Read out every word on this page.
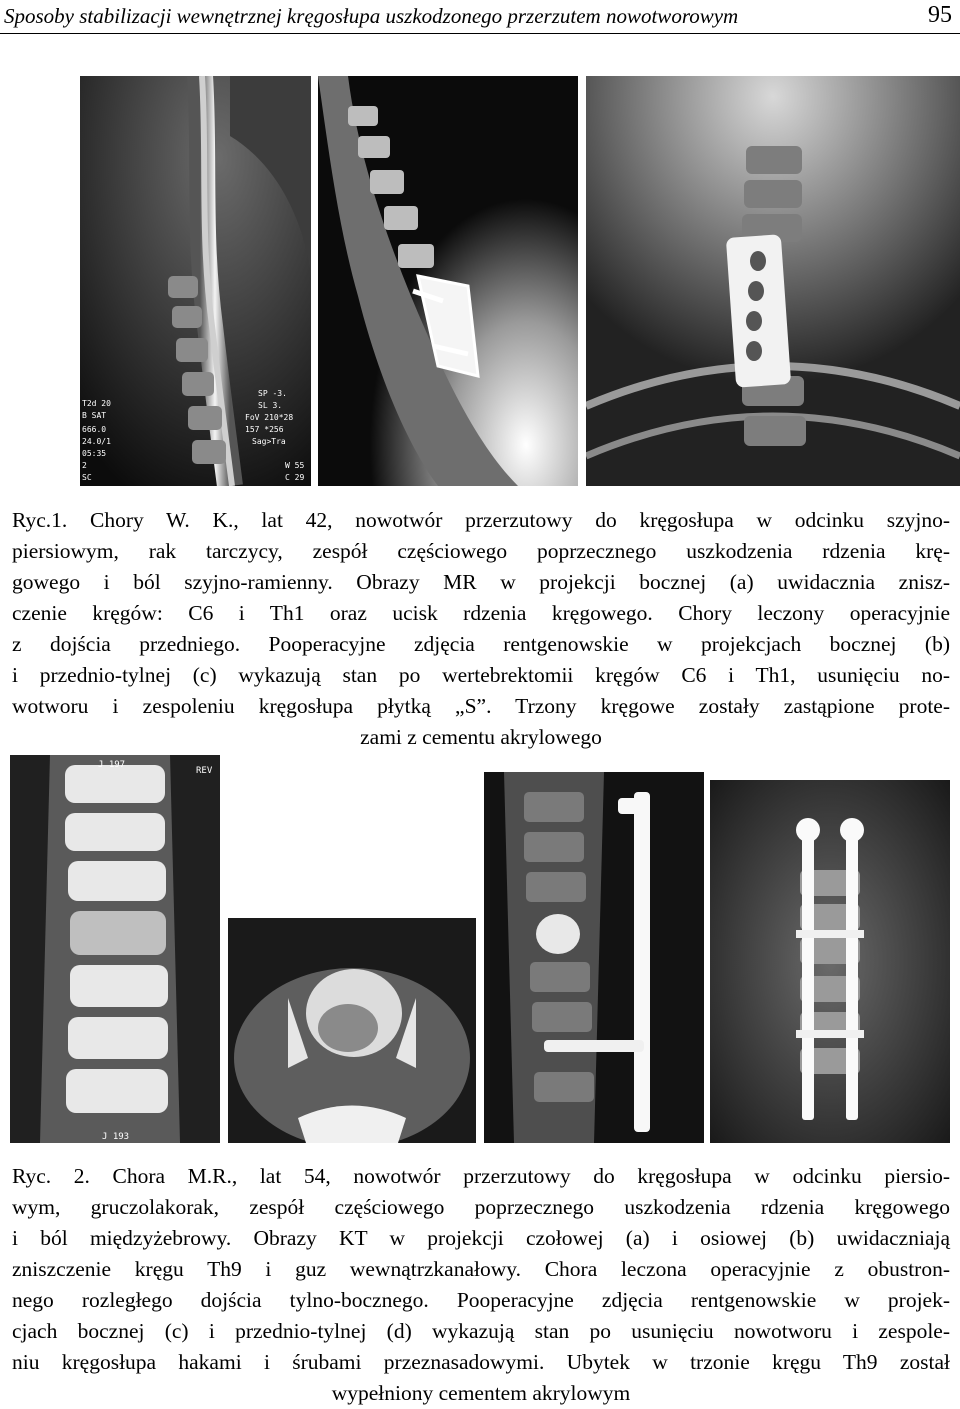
Sposoby stabilizacji wewnętrznej kręgosłupa uszkodzonego przerzutem nowotworowym	95
T2d 20
B SAT
666.0
24.0/1
05:35
2
SC
SP -3.
SL 3.
FoV 210*28
157 *256
Sag>Tra
W 55
C 29
Ryc.1. Chory W. K., lat 42, nowotwór przerzutowy do kręgosłupa w odcinku szyjno-
piersiowym, rak tarczycy, zespół częściowego poprzecznego uszkodzenia rdzenia krę-
gowego i ból szyjno-ramienny. Obrazy MR w projekcji bocznej (a) uwidacznia znisz-
czenie kręgów: C6 i Th1 oraz ucisk rdzenia kręgowego. Chory leczony operacyjnie
z dojścia przedniego. Pooperacyjne zdjęcia rentgenowskie w projekcjach bocznej (b)
i przednio-tylnej (c) wykazują stan po wertebrektomii kręgów C6 i Th1, usunięciu no-
wotworu i zespoleniu kręgosłupa płytką „S”. Trzony kręgowe zostały zastąpione prote-
zami z cementu akrylowego
REV
J 197
J 193
Ryc. 2. Chora M.R., lat 54, nowotwór przerzutowy do kręgosłupa w odcinku piersio-
wym, gruczolakorak, zespół częściowego poprzecznego uszkodzenia rdzenia kręgowego
i ból międzyżebrowy. Obrazy KT w projekcji czołowej (a) i osiowej (b) uwidaczniają
zniszczenie kręgu Th9 i guz wewnątrzkanałowy. Chora leczona operacyjnie z obustron-
nego rozległego dojścia tylno-bocznego. Pooperacyjne zdjęcia rentgenowskie w projek-
cjach bocznej (c) i przednio-tylnej (d) wykazują stan po usunięciu nowotworu i zespole-
niu kręgosłupa hakami i śrubami przeznasadowymi. Ubytek w trzonie kręgu Th9 został
wypełniony cementem akrylowym
